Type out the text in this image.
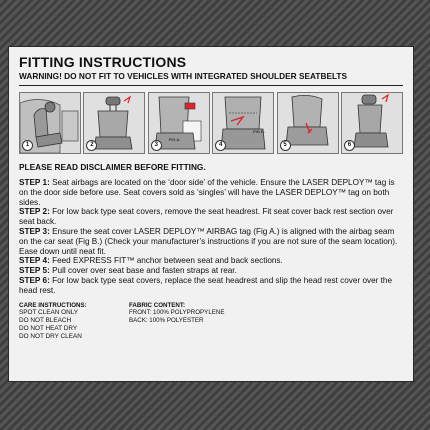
FITTING INSTRUCTIONS
WARNING! DO NOT FIT TO VEHICLES WITH INTEGRATED SHOULDER SEATBELTS
1	2
FIG A.
3
FIG B.
4	5	6
PLEASE READ DISCLAIMER BEFORE FITTING.

STEP 1: Seat airbags are located on the ‘door side’ of the vehicle. Ensure the LASER DEPLOY™ tag is on the door side before use. Seat covers sold as ‘singles’ will have the LASER DEPLOY™ tag on both sides.

STEP 2: For low back type seat covers, remove the seat headrest. Fit seat cover back rest section over seat back.

STEP 3: Ensure the seat cover LASER DEPLOY™ AIRBAG tag (Fig A.) is aligned with the airbag seam on the car seat (Fig B.) (Check your manufacturer’s instructions if you are not sure of the seam location). Ease down until neat fit.

STEP 4: Feed EXPRESS FIT™ anchor between seat and back sections.

STEP 5: Pull cover over seat base and fasten straps at rear.

STEP 6: For low back type seat covers, replace the seat headrest and slip the head rest cover over the head rest.

CARE INSTRUCTIONS:
SPOT CLEAN ONLY
DO NOT BLEACH
DO NOT HEAT DRY
DO NOT DRY CLEAN
FABRIC CONTENT:
FRONT: 100% POLYPROPYLENE
BACK: 100% POLYESTER
